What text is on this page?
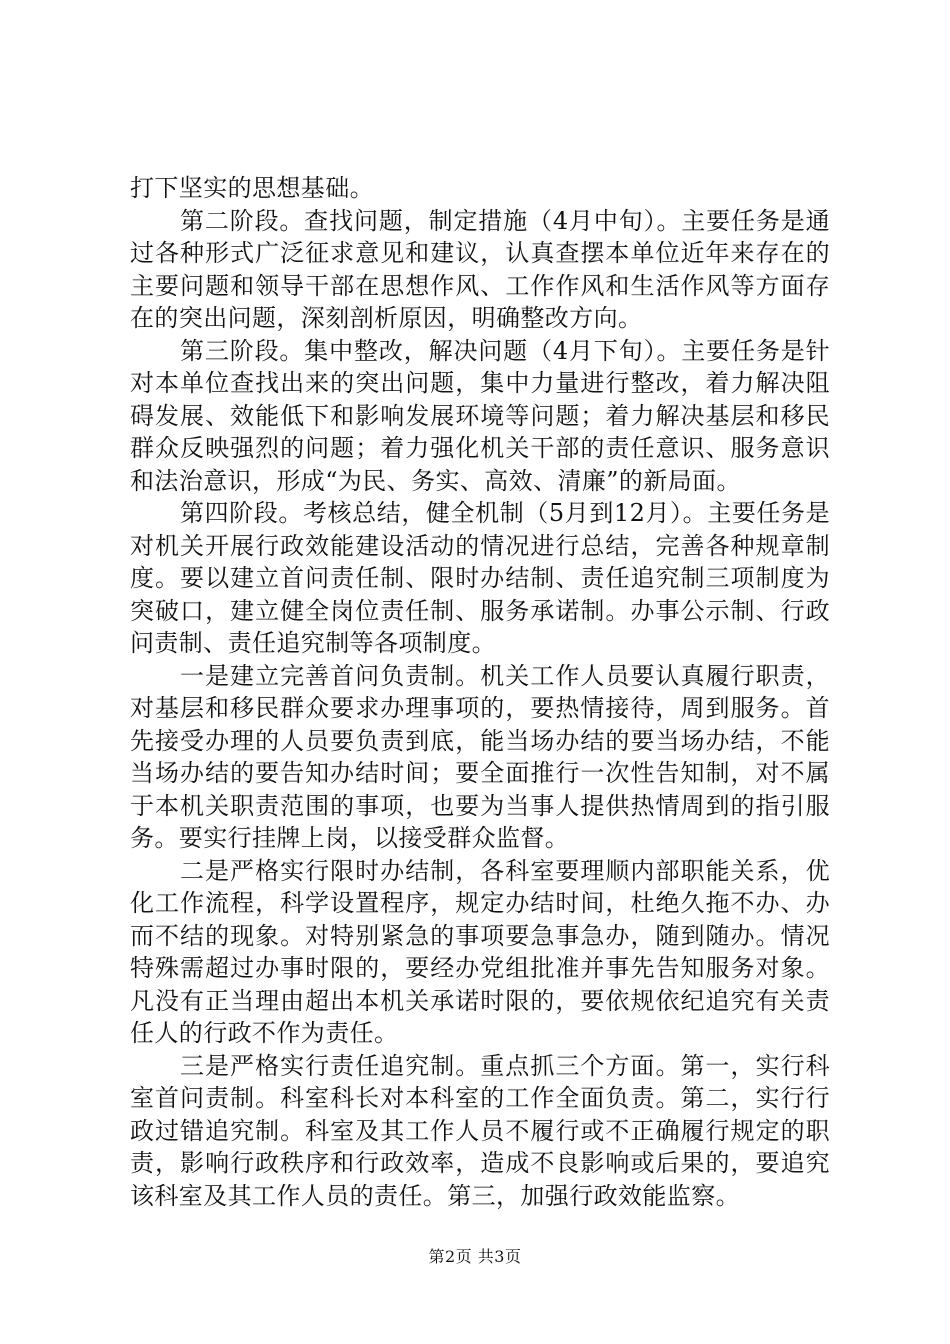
打下坚实的思想基础。

第二阶段。查找问题，制定措施（4月中旬）。主要任务是通过各种形式广泛征求意见和建议，认真查摆本单位近年来存在的主要问题和领导干部在思想作风、工作作风和生活作风等方面存在的突出问题，深刻剖析原因，明确整改方向。

第三阶段。集中整改，解决问题（4月下旬）。主要任务是针对本单位查找出来的突出问题，集中力量进行整改，着力解决阻碍发展、效能低下和影响发展环境等问题；着力解决基层和移民群众反映强烈的问题；着力强化机关干部的责任意识、服务意识和法治意识，形成“为民、务实、高效、清廉”的新局面。

第四阶段。考核总结，健全机制（5月到12月）。主要任务是对机关开展行政效能建设活动的情况进行总结，完善各种规章制度。要以建立首问责任制、限时办结制、责任追究制三项制度为突破口，建立健全岗位责任制、服务承诺制。办事公示制、行政问责制、责任追究制等各项制度。

一是建立完善首问负责制。机关工作人员要认真履行职责，对基层和移民群众要求办理事项的，要热情接待，周到服务。首先接受办理的人员要负责到底，能当场办结的要当场办结，不能当场办结的要告知办结时间；要全面推行一次性告知制，对不属于本机关职责范围的事项，也要为当事人提供热情周到的指引服务。要实行挂牌上岗，以接受群众监督。

二是严格实行限时办结制，各科室要理顺内部职能关系，优化工作流程，科学设置程序，规定办结时间，杜绝久拖不办、办而不结的现象。对特别紧急的事项要急事急办，随到随办。情况特殊需超过办事时限的，要经办党组批准并事先告知服务对象。凡没有正当理由超出本机关承诺时限的，要依规依纪追究有关责任人的行政不作为责任。

三是严格实行责任追究制。重点抓三个方面。第一，实行科室首问责制。科室科长对本科室的工作全面负责。第二，实行行政过错追究制。科室及其工作人员不履行或不正确履行规定的职责，影响行政秩序和行政效率，造成不良影响或后果的，要追究该科室及其工作人员的责任。第三，加强行政效能监察。

第2页 共3页
